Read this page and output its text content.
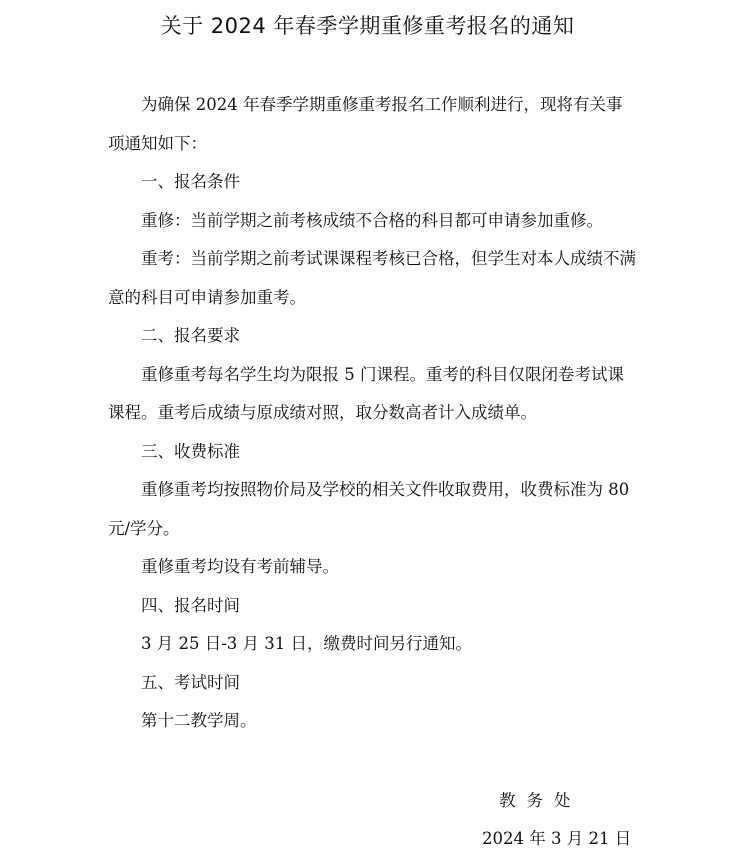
关于 2024 年春季学期重修重考报名的通知

为确保 2024 年春季学期重修重考报名工作顺利进行，现将有关事项通知如下：

一、报名条件

重修：当前学期之前考核成绩不合格的科目都可申请参加重修。

重考：当前学期之前考试课课程考核已合格，但学生对本人成绩不满意的科目可申请参加重考。

二、报名要求

重修重考每名学生均为限报 5 门课程。重考的科目仅限闭卷考试课课程。重考后成绩与原成绩对照，取分数高者计入成绩单。

三、收费标准

重修重考均按照物价局及学校的相关文件收取费用，收费标准为 80 元/学分。

重修重考均设有考前辅导。

四、报名时间

3 月 25 日-3 月 31 日，缴费时间另行通知。

五、考试时间

第十二教学周。

教务处
2024 年 3 月 21 日
